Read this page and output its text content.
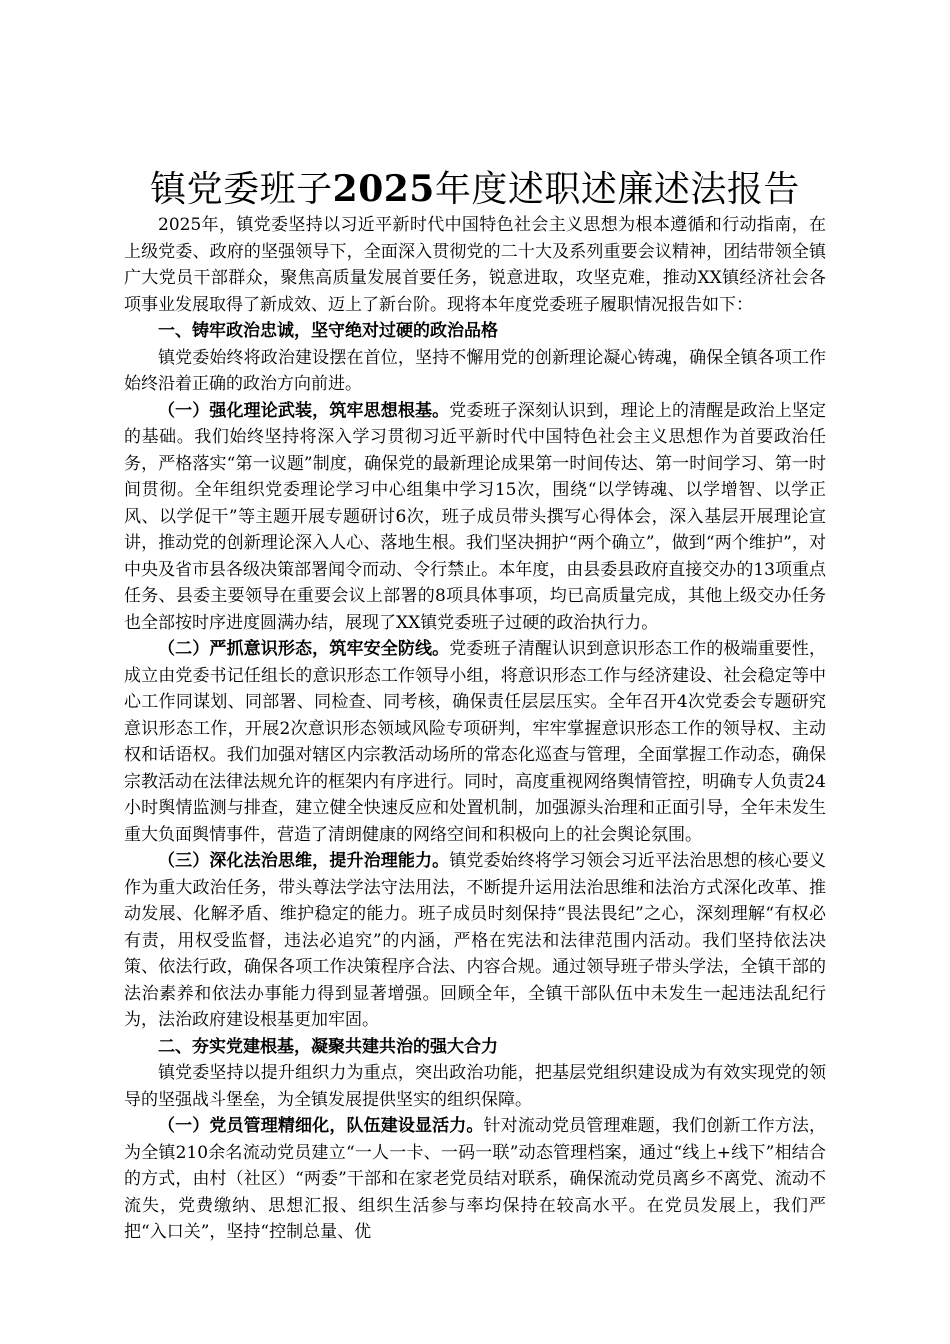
镇党委班子2025年度述职述廉述法报告

2025年，镇党委坚持以习近平新时代中国特色社会主义思想为根本遵循和行动指南，在上级党委、政府的坚强领导下，全面深入贯彻党的二十大及系列重要会议精神，团结带领全镇广大党员干部群众，聚焦高质量发展首要任务，锐意进取，攻坚克难，推动XX镇经济社会各项事业发展取得了新成效、迈上了新台阶。现将本年度党委班子履职情况报告如下：

一、铸牢政治忠诚，坚守绝对过硬的政治品格

镇党委始终将政治建设摆在首位，坚持不懈用党的创新理论凝心铸魂，确保全镇各项工作始终沿着正确的政治方向前进。

（一）强化理论武装，筑牢思想根基。党委班子深刻认识到，理论上的清醒是政治上坚定的基础。我们始终坚持将深入学习贯彻习近平新时代中国特色社会主义思想作为首要政治任务，严格落实“第一议题”制度，确保党的最新理论成果第一时间传达、第一时间学习、第一时间贯彻。全年组织党委理论学习中心组集中学习15次，围绕“以学铸魂、以学增智、以学正风、以学促干”等主题开展专题研讨6次，班子成员带头撰写心得体会，深入基层开展理论宣讲，推动党的创新理论深入人心、落地生根。我们坚决拥护“两个确立”，做到“两个维护”，对中央及省市县各级决策部署闻令而动、令行禁止。本年度，由县委县政府直接交办的13项重点任务、县委主要领导在重要会议上部署的8项具体事项，均已高质量完成，其他上级交办任务也全部按时序进度圆满办结，展现了XX镇党委班子过硬的政治执行力。

（二）严抓意识形态，筑牢安全防线。党委班子清醒认识到意识形态工作的极端重要性，成立由党委书记任组长的意识形态工作领导小组，将意识形态工作与经济建设、社会稳定等中心工作同谋划、同部署、同检查、同考核，确保责任层层压实。全年召开4次党委会专题研究意识形态工作，开展2次意识形态领域风险专项研判，牢牢掌握意识形态工作的领导权、主动权和话语权。我们加强对辖区内宗教活动场所的常态化巡查与管理，全面掌握工作动态，确保宗教活动在法律法规允许的框架内有序进行。同时，高度重视网络舆情管控，明确专人负责24小时舆情监测与排查，建立健全快速反应和处置机制，加强源头治理和正面引导，全年未发生重大负面舆情事件，营造了清朗健康的网络空间和积极向上的社会舆论氛围。

（三）深化法治思维，提升治理能力。镇党委始终将学习领会习近平法治思想的核心要义作为重大政治任务，带头尊法学法守法用法，不断提升运用法治思维和法治方式深化改革、推动发展、化解矛盾、维护稳定的能力。班子成员时刻保持“畏法畏纪”之心，深刻理解“有权必有责，用权受监督，违法必追究”的内涵，严格在宪法和法律范围内活动。我们坚持依法决策、依法行政，确保各项工作决策程序合法、内容合规。通过领导班子带头学法，全镇干部的法治素养和依法办事能力得到显著增强。回顾全年，全镇干部队伍中未发生一起违法乱纪行为，法治政府建设根基更加牢固。

二、夯实党建根基，凝聚共建共治的强大合力

镇党委坚持以提升组织力为重点，突出政治功能，把基层党组织建设成为有效实现党的领导的坚强战斗堡垒，为全镇发展提供坚实的组织保障。

（一）党员管理精细化，队伍建设显活力。针对流动党员管理难题，我们创新工作方法，为全镇210余名流动党员建立“一人一卡、一码一联”动态管理档案，通过“线上+线下”相结合的方式，由村（社区）“两委”干部和在家老党员结对联系，确保流动党员离乡不离党、流动不流失，党费缴纳、思想汇报、组织生活参与率均保持在较高水平。在党员发展上，我们严把“入口关”，坚持“控制总量、优
